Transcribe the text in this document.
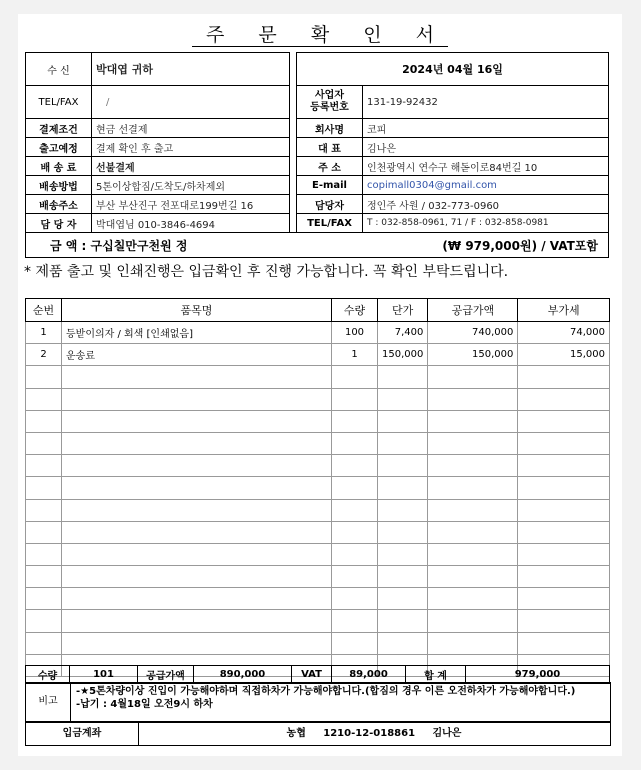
주 문 확 인 서
수 신	박대엽 귀하
TEL/FAX	/
결제조건	현금 선결제
출고예정	결제 확인 후 출고
배 송 료	선불결제
배송방법	5톤이상합짐/도착도/하차제외
배송주소	부산 부산진구 전포대로199번길 16
담 당 자	박대엽님 010-3846-4694
2024년 04월 16일	
사업자
등록번호	131-19-92432
회사명	코피
대 표	김나은
주 소	인천광역시 연수구 해돋이로84번길 10
E-mail	copimall0304@gmail.com
담당자	정인주 사원 / 032-773-0960
TEL/FAX	T : 032-858-0961, 71 / F : 032-858-0981
금 액 : 구십칠만구천원 정	(₩ 979,000원) / VAT포함
* 제품 출고 및 인쇄진행은 입금확인 후 진행 가능합니다. 꼭 확인 부탁드립니다.
순번	품목명	수량	단가	공급가액	부가세
1	등받이의자 / 회색 [인쇄없음]	100	7,400	740,000	74,000
2	운송료	1	150,000	150,000	15,000

수량	101	공급가액	890,000	VAT	89,000	합 계	979,000
비고
-★5톤차량이상 진입이 가능해야하며 직접하차가 가능해야합니다.(합짐의 경우 이른 오전하차가 가능해야합니다.)
-납기 : 4월18일 오전9시 하차
입금계좌	농협     1210-12-018861     김나은
